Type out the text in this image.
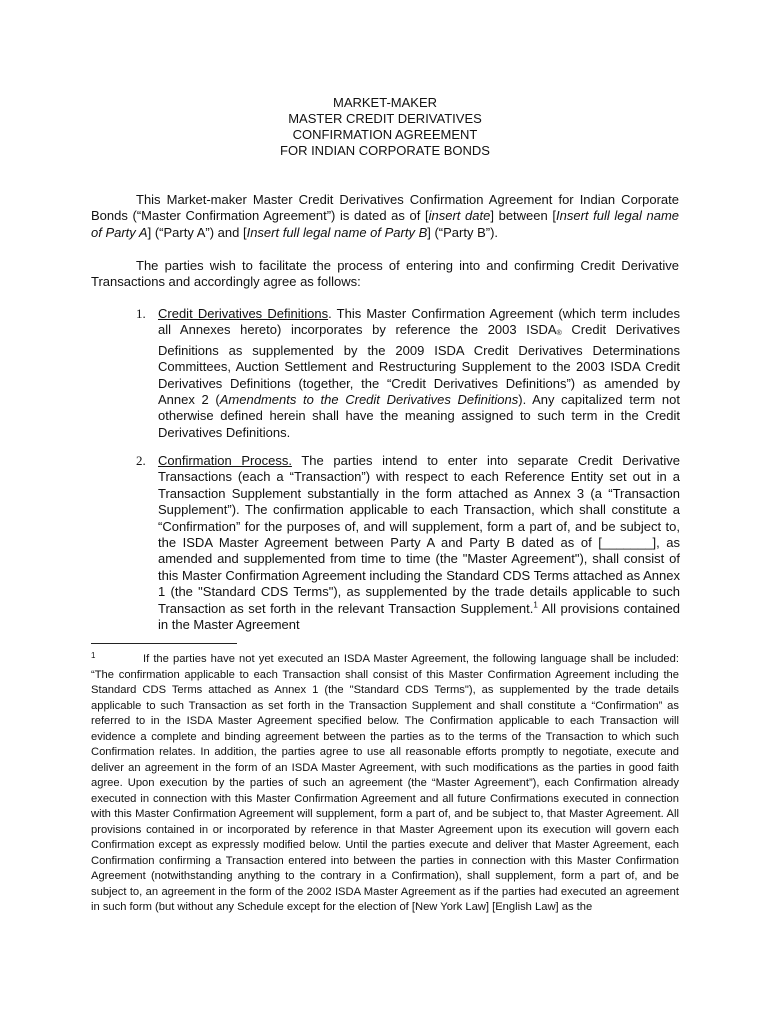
MARKET-MAKER
MASTER CREDIT DERIVATIVES
CONFIRMATION AGREEMENT
FOR INDIAN CORPORATE BONDS
This Market-maker Master Credit Derivatives Confirmation Agreement for Indian Corporate Bonds (“Master Confirmation Agreement”) is dated as of [insert date] between [Insert full legal name of Party A] (“Party A”) and [Insert full legal name of Party B] (“Party B”).
The parties wish to facilitate the process of entering into and confirming Credit Derivative Transactions and accordingly agree as follows:
1. Credit Derivatives Definitions. This Master Confirmation Agreement (which term includes all Annexes hereto) incorporates by reference the 2003 ISDA® Credit Derivatives Definitions as supplemented by the 2009 ISDA Credit Derivatives Determinations Committees, Auction Settlement and Restructuring Supplement to the 2003 ISDA Credit Derivatives Definitions (together, the “Credit Derivatives Definitions”) as amended by Annex 2 (Amendments to the Credit Derivatives Definitions). Any capitalized term not otherwise defined herein shall have the meaning assigned to such term in the Credit Derivatives Definitions.
2. Confirmation Process. The parties intend to enter into separate Credit Derivative Transactions (each a “Transaction”) with respect to each Reference Entity set out in a Transaction Supplement substantially in the form attached as Annex 3 (a “Transaction Supplement”). The confirmation applicable to each Transaction, which shall constitute a “Confirmation” for the purposes of, and will supplement, form a part of, and be subject to, the ISDA Master Agreement between Party A and Party B dated as of [_______], as amended and supplemented from time to time (the "Master Agreement"), shall consist of this Master Confirmation Agreement including the Standard CDS Terms attached as Annex 1 (the "Standard CDS Terms"), as supplemented by the trade details applicable to such Transaction as set forth in the relevant Transaction Supplement.$^1$ All provisions contained in the Master Agreement
1	If the parties have not yet executed an ISDA Master Agreement, the following language shall be included: “The confirmation applicable to each Transaction shall consist of this Master Confirmation Agreement including the Standard CDS Terms attached as Annex 1 (the "Standard CDS Terms"), as supplemented by the trade details applicable to such Transaction as set forth in the Transaction Supplement and shall constitute a “Confirmation” as referred to in the ISDA Master Agreement specified below. The Confirmation applicable to each Transaction will evidence a complete and binding agreement between the parties as to the terms of the Transaction to which such Confirmation relates. In addition, the parties agree to use all reasonable efforts promptly to negotiate, execute and deliver an agreement in the form of an ISDA Master Agreement, with such modifications as the parties in good faith agree. Upon execution by the parties of such an agreement (the “Master Agreement”), each Confirmation already executed in connection with this Master Confirmation Agreement and all future Confirmations executed in connection with this Master Confirmation Agreement will supplement, form a part of, and be subject to, that Master Agreement. All provisions contained in or incorporated by reference in that Master Agreement upon its execution will govern each Confirmation except as expressly modified below. Until the parties execute and deliver that Master Agreement, each Confirmation confirming a Transaction entered into between the parties in connection with this Master Confirmation Agreement (notwithstanding anything to the contrary in a Confirmation), shall supplement, form a part of, and be subject to, an agreement in the form of the 2002 ISDA Master Agreement as if the parties had executed an agreement in such form (but without any Schedule except for the election of [New York Law] [English Law] as the
